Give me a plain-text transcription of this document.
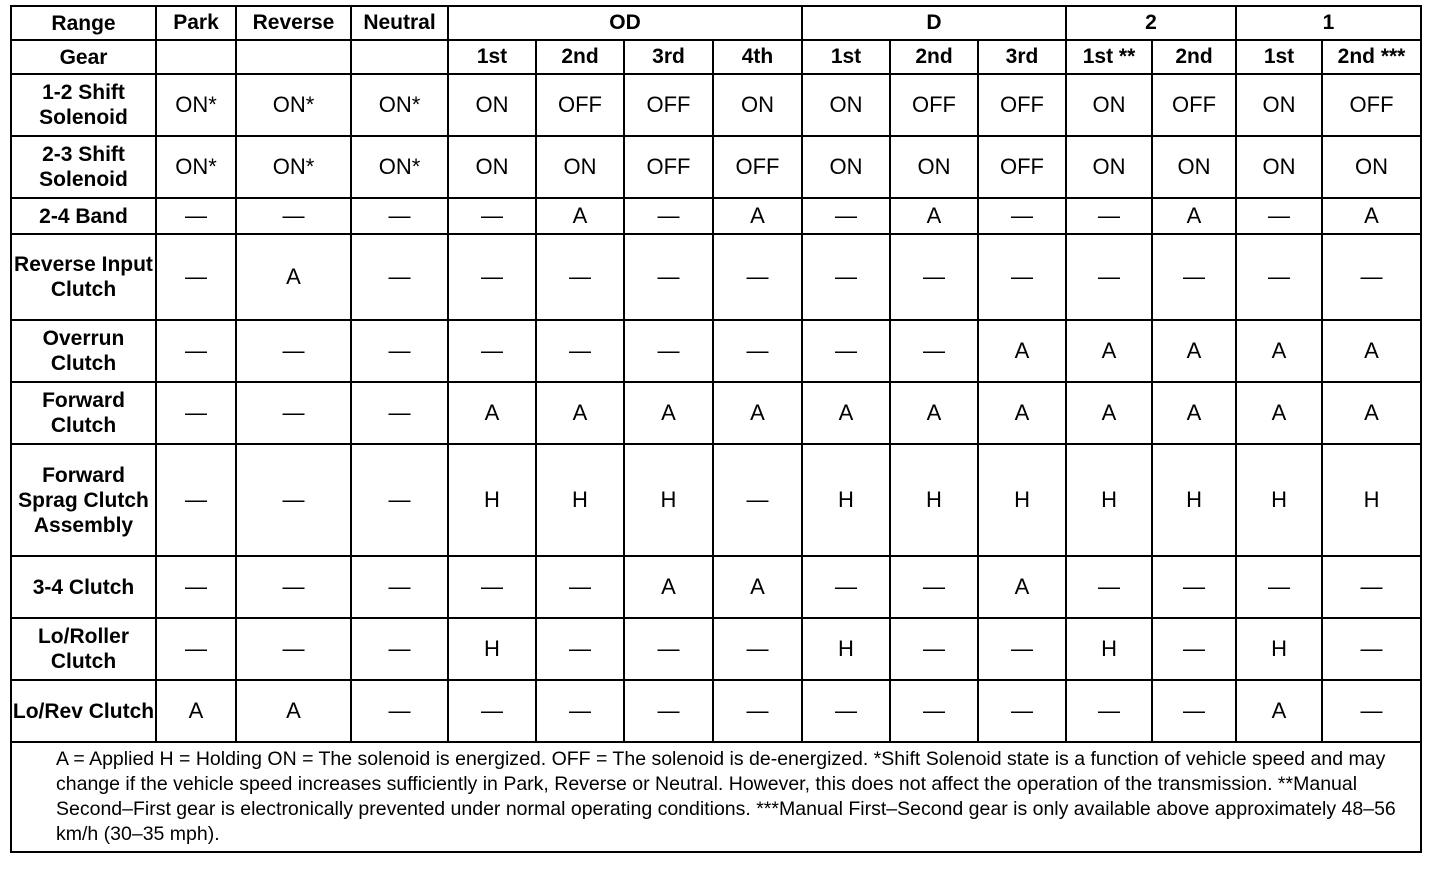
Range	Park	Reverse	Neutral	OD				D			2		1	
Gear				1st	2nd	3rd	4th	1st	2nd	3rd	1st **	2nd	1st	2nd ***
1-2 Shift Solenoid	ON*	ON*	ON*	ON	OFF	OFF	ON	ON	OFF	OFF	ON	OFF	ON	OFF
2-3 Shift Solenoid	ON*	ON*	ON*	ON	ON	OFF	OFF	ON	ON	OFF	ON	ON	ON	ON
2-4 Band	—	—	—	—	A	—	A	—	A	—	—	A	—	A
Reverse Input Clutch	—	A	—	—	—	—	—	—	—	—	—	—	—	—
Overrun Clutch	—	—	—	—	—	—	—	—	—	A	A	A	A	A
Forward Clutch	—	—	—	A	A	A	A	A	A	A	A	A	A	A
Forward Sprag Clutch Assembly	—	—	—	H	H	H	—	H	H	H	H	H	H	H
3-4 Clutch	—	—	—	—	—	A	A	—	—	A	—	—	—	—
Lo/Roller Clutch	—	—	—	H	—	—	—	H	—	—	H	—	H	—
Lo/Rev Clutch	A	A	—	—	—	—	—	—	—	—	—	—	A	—
A = Applied H = Holding ON = The solenoid is energized. OFF = The solenoid is de-energized. *Shift Solenoid state is a function of vehicle speed and may change if the vehicle speed increases sufficiently in Park, Reverse or Neutral. However, this does not affect the operation of the transmission. **Manual Second–First gear is electronically prevented under normal operating conditions. ***Manual First–Second gear is only available above approximately 48–56 km/h (30–35 mph).														
